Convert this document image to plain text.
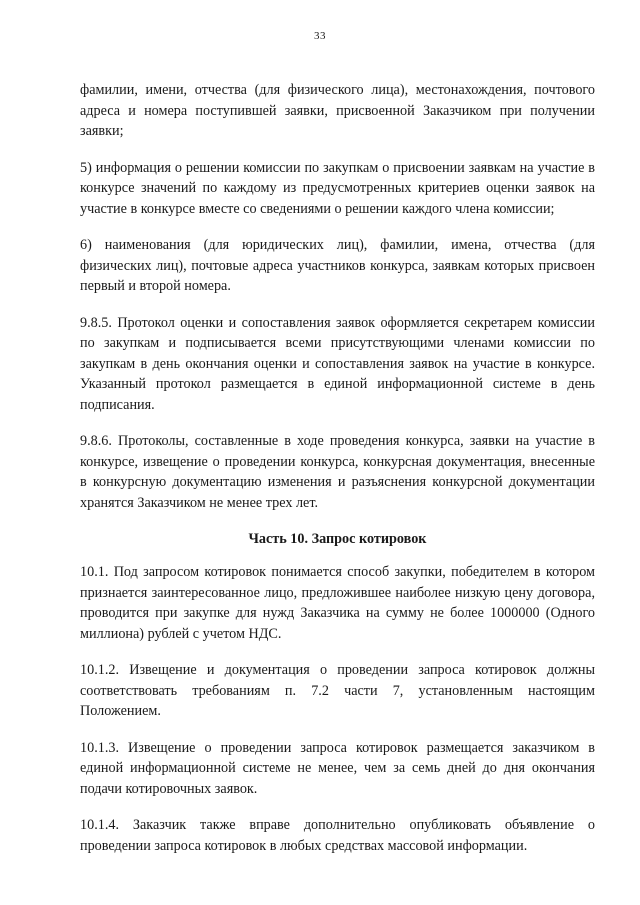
33

фамилии, имени, отчества (для физического лица), местонахождения, почтового адреса и номера поступившей заявки, присвоенной Заказчиком при получении заявки;

5) информация о решении комиссии по закупкам о присвоении заявкам на участие в конкурсе значений по каждому из предусмотренных критериев оценки заявок на участие в конкурсе вместе со сведениями о решении каждого члена комиссии;

6) наименования (для юридических лиц), фамилии, имена, отчества (для физических лиц), почтовые адреса участников конкурса, заявкам которых присвоен первый и второй номера.

9.8.5. Протокол оценки и сопоставления заявок оформляется секретарем комиссии по закупкам и подписывается всеми присутствующими членами комиссии по закупкам в день окончания оценки и сопоставления заявок на участие в конкурсе. Указанный протокол размещается в единой информационной системе в день подписания.

9.8.6. Протоколы, составленные в ходе проведения конкурса, заявки на участие в конкурсе, извещение о проведении конкурса, конкурсная документация, внесенные в конкурсную документацию изменения и разъяснения конкурсной документации хранятся Заказчиком не менее трех лет.

Часть 10. Запрос котировок

10.1. Под запросом котировок понимается способ закупки, победителем в котором признается заинтересованное лицо, предложившее наиболее низкую цену договора, проводится при закупке для нужд Заказчика на сумму не более 1000000 (Одного миллиона) рублей с учетом НДС.

10.1.2. Извещение и документация о проведении запроса котировок должны соответствовать требованиям п. 7.2 части 7, установленным настоящим Положением.

10.1.3. Извещение о проведении запроса котировок размещается заказчиком в единой информационной системе не менее, чем за семь дней до дня окончания подачи котировочных заявок.

10.1.4. Заказчик также вправе дополнительно опубликовать объявление о проведении запроса котировок в любых средствах массовой информации.
